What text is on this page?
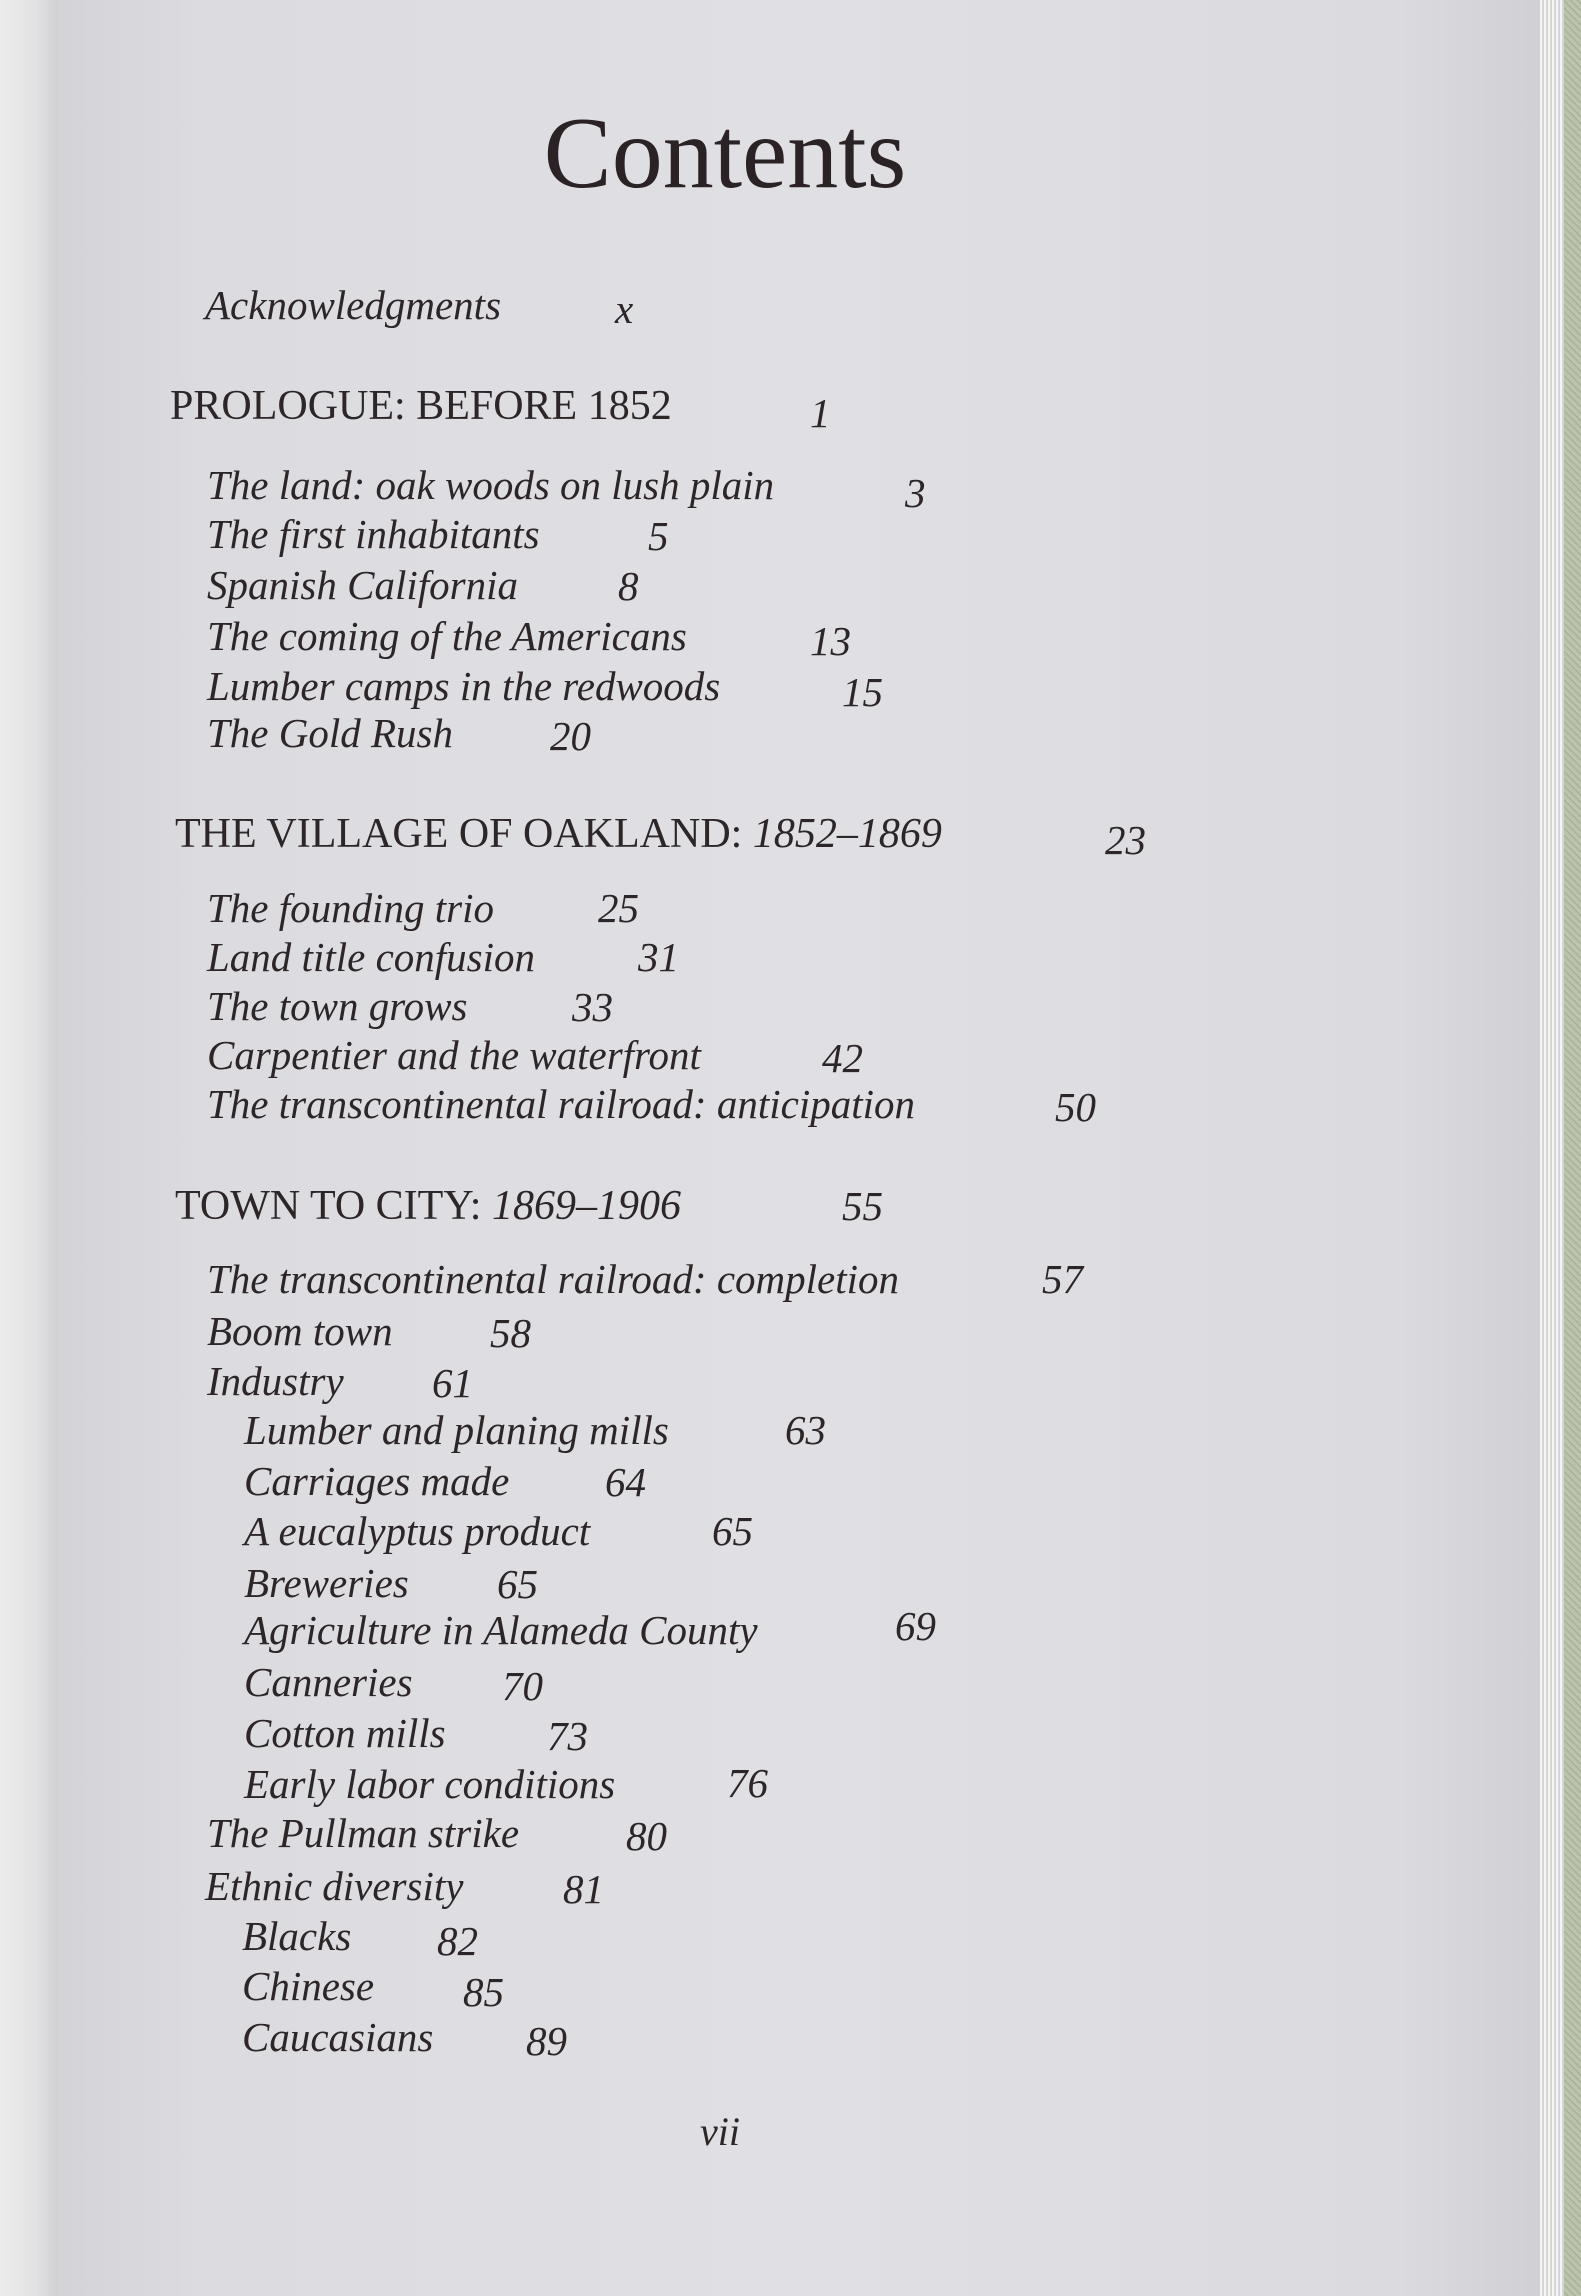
Contents
Acknowledgments	x
PROLOGUE: BEFORE 1852	1
The land: oak woods on lush plain	3
The first inhabitants	5
Spanish California 8
The coming of the Americans	13
Lumber camps in the redwoods	15
The Gold Rush 20
THE VILLAGE OF OAKLAND: 1852–1869	23
The founding trio	25
Land title confusion	31
The town grows	33
Carpentier and the waterfront	42
The transcontinental railroad: anticipation	50
TOWN TO CITY: 1869–1906	55
The transcontinental railroad: completion	57
Boom town 58
Industry 61
Lumber and planing mills	63
Carriages made 64
A eucalyptus product	65
Breweries 65
Agriculture in Alameda County	69
Canneries 70
Cotton mills 73
Early labor conditions	76
The Pullman strike	80
Ethnic diversity 81
Blacks 82
Chinese 85
Caucasians 89
vii
